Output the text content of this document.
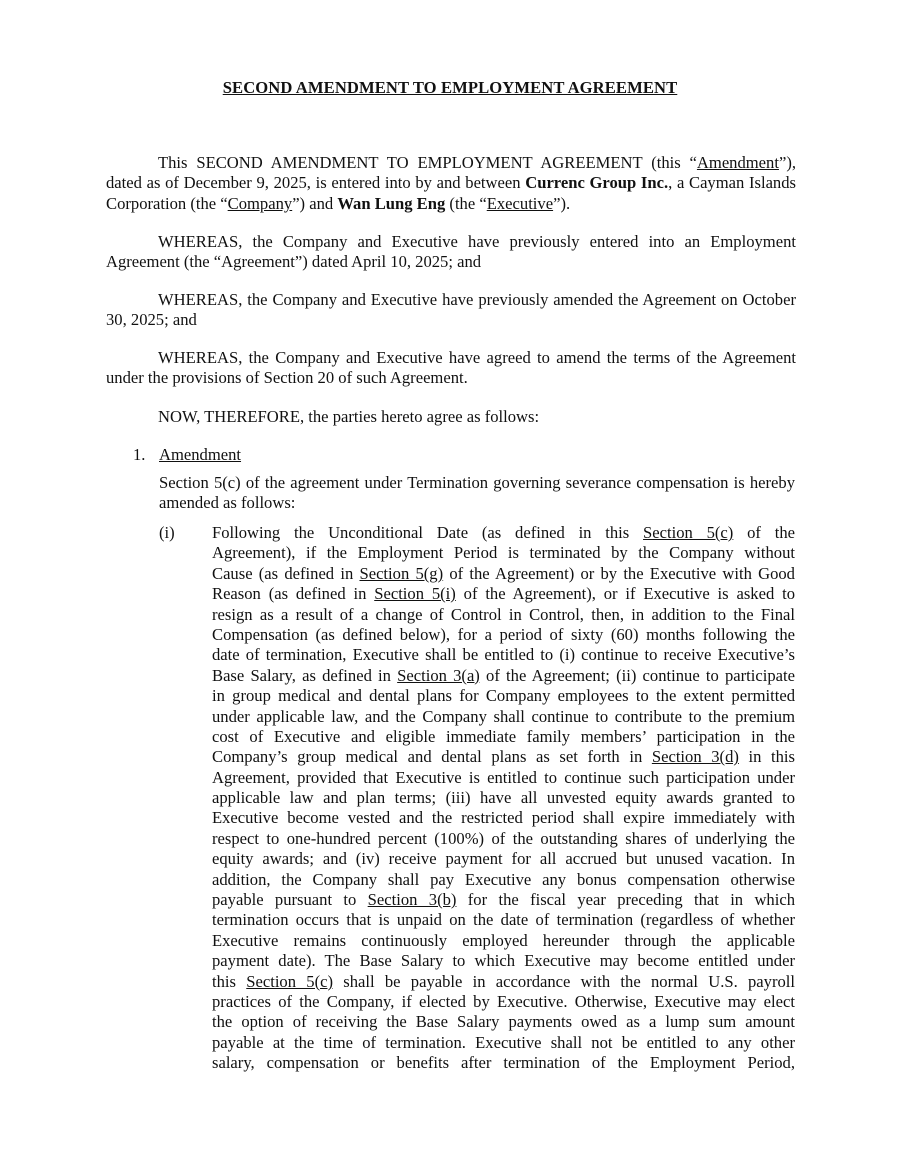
SECOND AMENDMENT TO EMPLOYMENT AGREEMENT

This SECOND AMENDMENT TO EMPLOYMENT AGREEMENT (this “Amendment”), dated as of December 9, 2025, is entered into by and between Currenc Group Inc., a Cayman Islands Corporation (the “Company”) and Wan Lung Eng (the “Executive”).

WHEREAS, the Company and Executive have previously entered into an Employment Agreement (the “Agreement”) dated April 10, 2025; and

WHEREAS, the Company and Executive have previously amended the Agreement on October 30, 2025; and

WHEREAS, the Company and Executive have agreed to amend the terms of the Agreement under the provisions of Section 20 of such Agreement.

NOW, THEREFORE, the parties hereto agree as follows:

1. Amendment

Section 5(c) of the agreement under Termination governing severance compensation is hereby amended as follows:

(i) Following the Unconditional Date (as defined in this Section 5(c) of the
Agreement), if the Employment Period is terminated by the Company without
Cause (as defined in Section 5(g) of the Agreement) or by the Executive with Good
Reason (as defined in Section 5(i) of the Agreement), or if Executive is asked to
resign as a result of a change of Control in Control, then, in addition to the Final
Compensation (as defined below), for a period of sixty (60) months following the
date of termination, Executive shall be entitled to (i) continue to receive Executive’s
Base Salary, as defined in Section 3(a) of the Agreement; (ii) continue to participate
in group medical and dental plans for Company employees to the extent permitted
under applicable law, and the Company shall continue to contribute to the premium
cost of Executive and eligible immediate family members’ participation in the
Company’s group medical and dental plans as set forth in Section 3(d) in this
Agreement, provided that Executive is entitled to continue such participation under
applicable law and plan terms; (iii) have all unvested equity awards granted to
Executive become vested and the restricted period shall expire immediately with
respect to one-hundred percent (100%) of the outstanding shares of underlying the
equity awards; and (iv) receive payment for all accrued but unused vacation. In
addition, the Company shall pay Executive any bonus compensation otherwise
payable pursuant to Section 3(b) for the fiscal year preceding that in which
termination occurs that is unpaid on the date of termination (regardless of whether
Executive remains continuously employed hereunder through the applicable
payment date). The Base Salary to which Executive may become entitled under
this Section 5(c) shall be payable in accordance with the normal U.S. payroll
practices of the Company, if elected by Executive. Otherwise, Executive may elect
the option of receiving the Base Salary payments owed as a lump sum amount
payable at the time of termination. Executive shall not be entitled to any other
salary, compensation or benefits after termination of the Employment Period,
